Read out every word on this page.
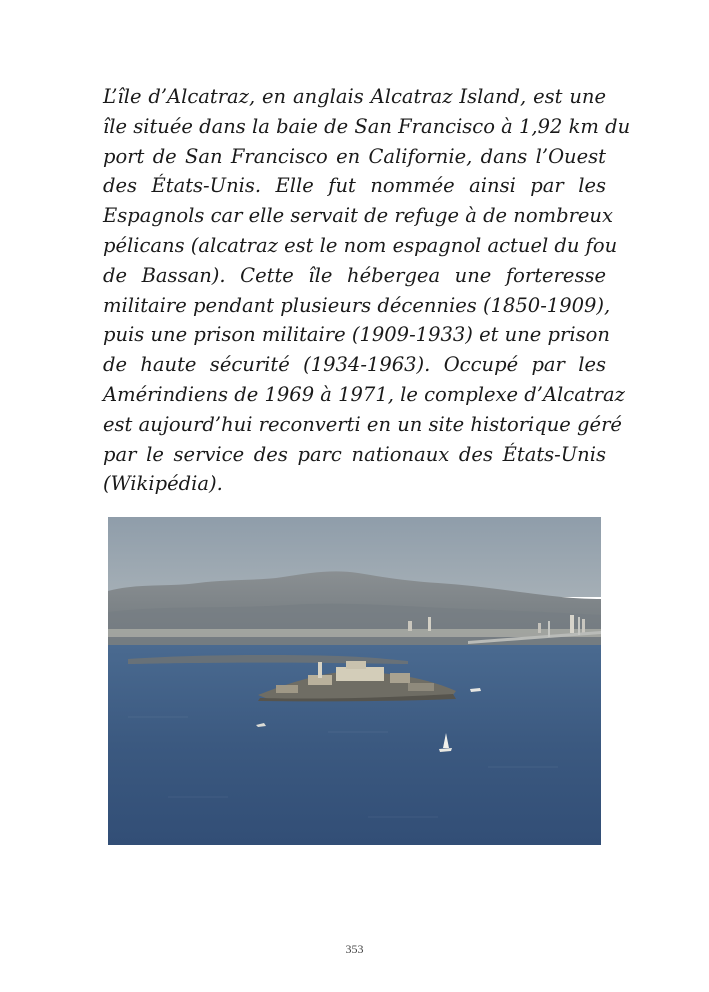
L’île d’Alcatraz, en anglais Alcatraz Island, est une
île située dans la baie de San Francisco à 1,92 km du
port de San Francisco en Californie, dans l’Ouest
des États-Unis. Elle fut nommée ainsi par les
Espagnols car elle servait de refuge à de nombreux
pélicans (alcatraz est le nom espagnol actuel du fou
de Bassan). Cette île hébergea une forteresse
militaire pendant plusieurs décennies (1850-1909),
puis une prison militaire (1909-1933) et une prison
de haute sécurité (1934-1963). Occupé par les
Amérindiens de 1969 à 1971, le complexe d’Alcatraz
est aujourd’hui reconverti en un site historique géré
par le service des parc nationaux des États-Unis
(Wikipédia).

353
